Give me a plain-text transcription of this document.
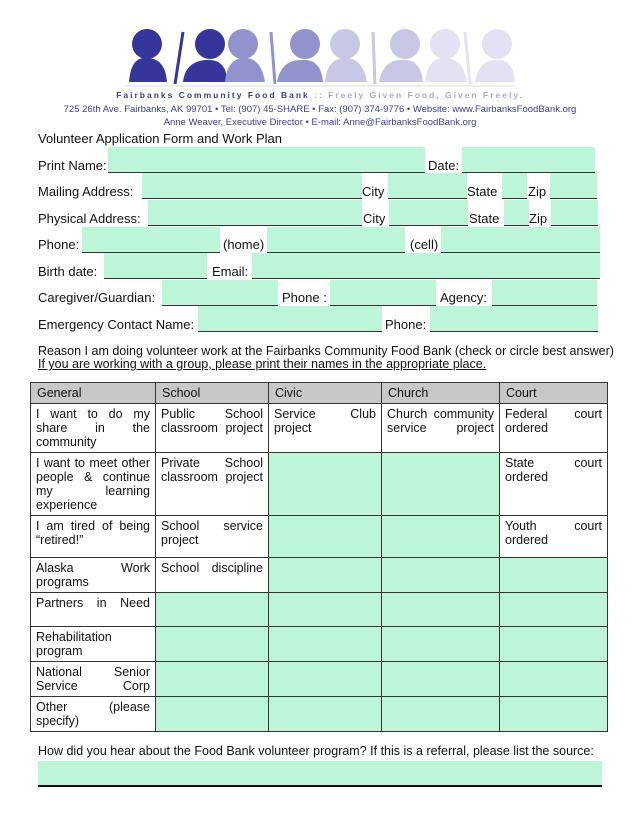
Fairbanks Community Food Bank :: Freely Given Food, Given Freely.
725 26th Ave. Fairbanks, AK 99701 • Tel: (907) 45-SHARE • Fax: (907) 374-9776 • Website: www.FairbanksFoodBank.org
Anne Weaver, Executive Director • E-mail: Anne@FairbanksFoodBank.org
Volunteer Application Form and Work Plan
Print Name:	Date:
Mailing Address:	City	State Zip
Physical Address:	City	State Zip
Phone:	(home)	(cell)
Birth date:	Email:
Caregiver/Guardian:	Phone :	Agency:
Emergency Contact Name:	Phone:
Reason I am doing volunteer work at the Fairbanks Community Food Bank (check or circle best answer)
If you are working with a group, please print their names in the appropriate place.
General	School	Civic	Church	Court
I want to do my share in the community	Public School classroom project	Service Club project	Church community service project	Federal court ordered
I want to meet other people & continue my learning experience	Private School classroom project			State court ordered
I am tired of being “retired!”	School service project			Youth court ordered
Alaska Work programs	School discipline			
Partners in Need				
Rehabilitation program				
National Senior Service Corp				
Other (please specify)				
How did you hear about the Food Bank volunteer program? If this is a referral, please list the source:
